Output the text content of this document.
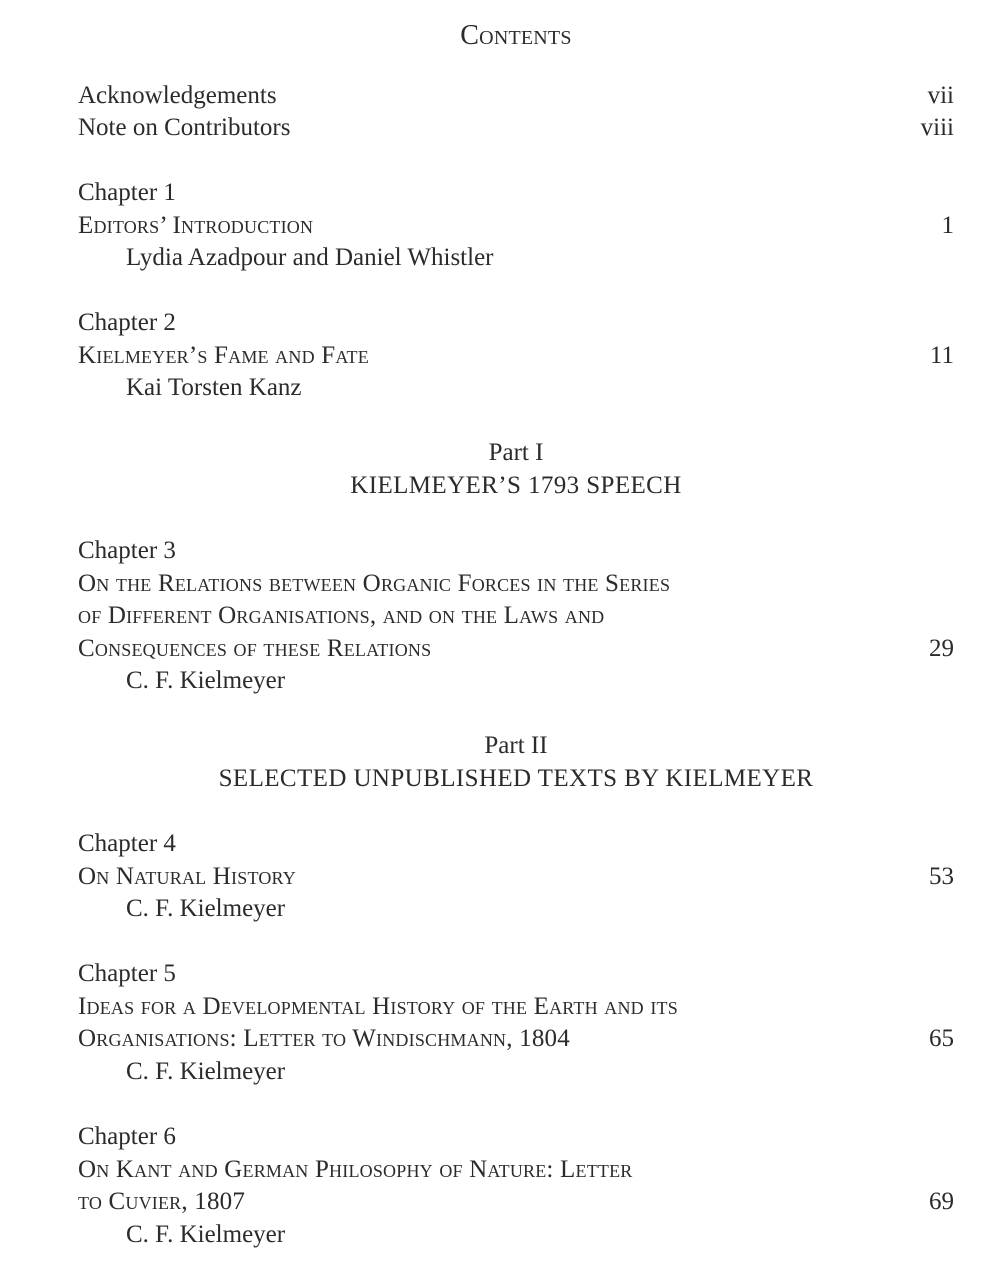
Contents
Acknowledgements	vii
Note on Contributors	viii
Chapter 1
Editors’ Introduction	1
Lydia Azadpour and Daniel Whistler
Chapter 2
Kielmeyer’s Fame and Fate	11
Kai Torsten Kanz
Part I
KIELMEYER’S 1793 SPEECH
Chapter 3
On the Relations between Organic Forces in the Series
of Different Organisations, and on the Laws and
Consequences of these Relations	29
C. F. Kielmeyer
Part II
SELECTED UNPUBLISHED TEXTS BY KIELMEYER
Chapter 4
On Natural History	53
C. F. Kielmeyer
Chapter 5
Ideas for a Developmental History of the Earth and its
Organisations: Letter to Windischmann, 1804	65
C. F. Kielmeyer
Chapter 6
On Kant and German Philosophy of Nature: Letter
to Cuvier, 1807	69
C. F. Kielmeyer
